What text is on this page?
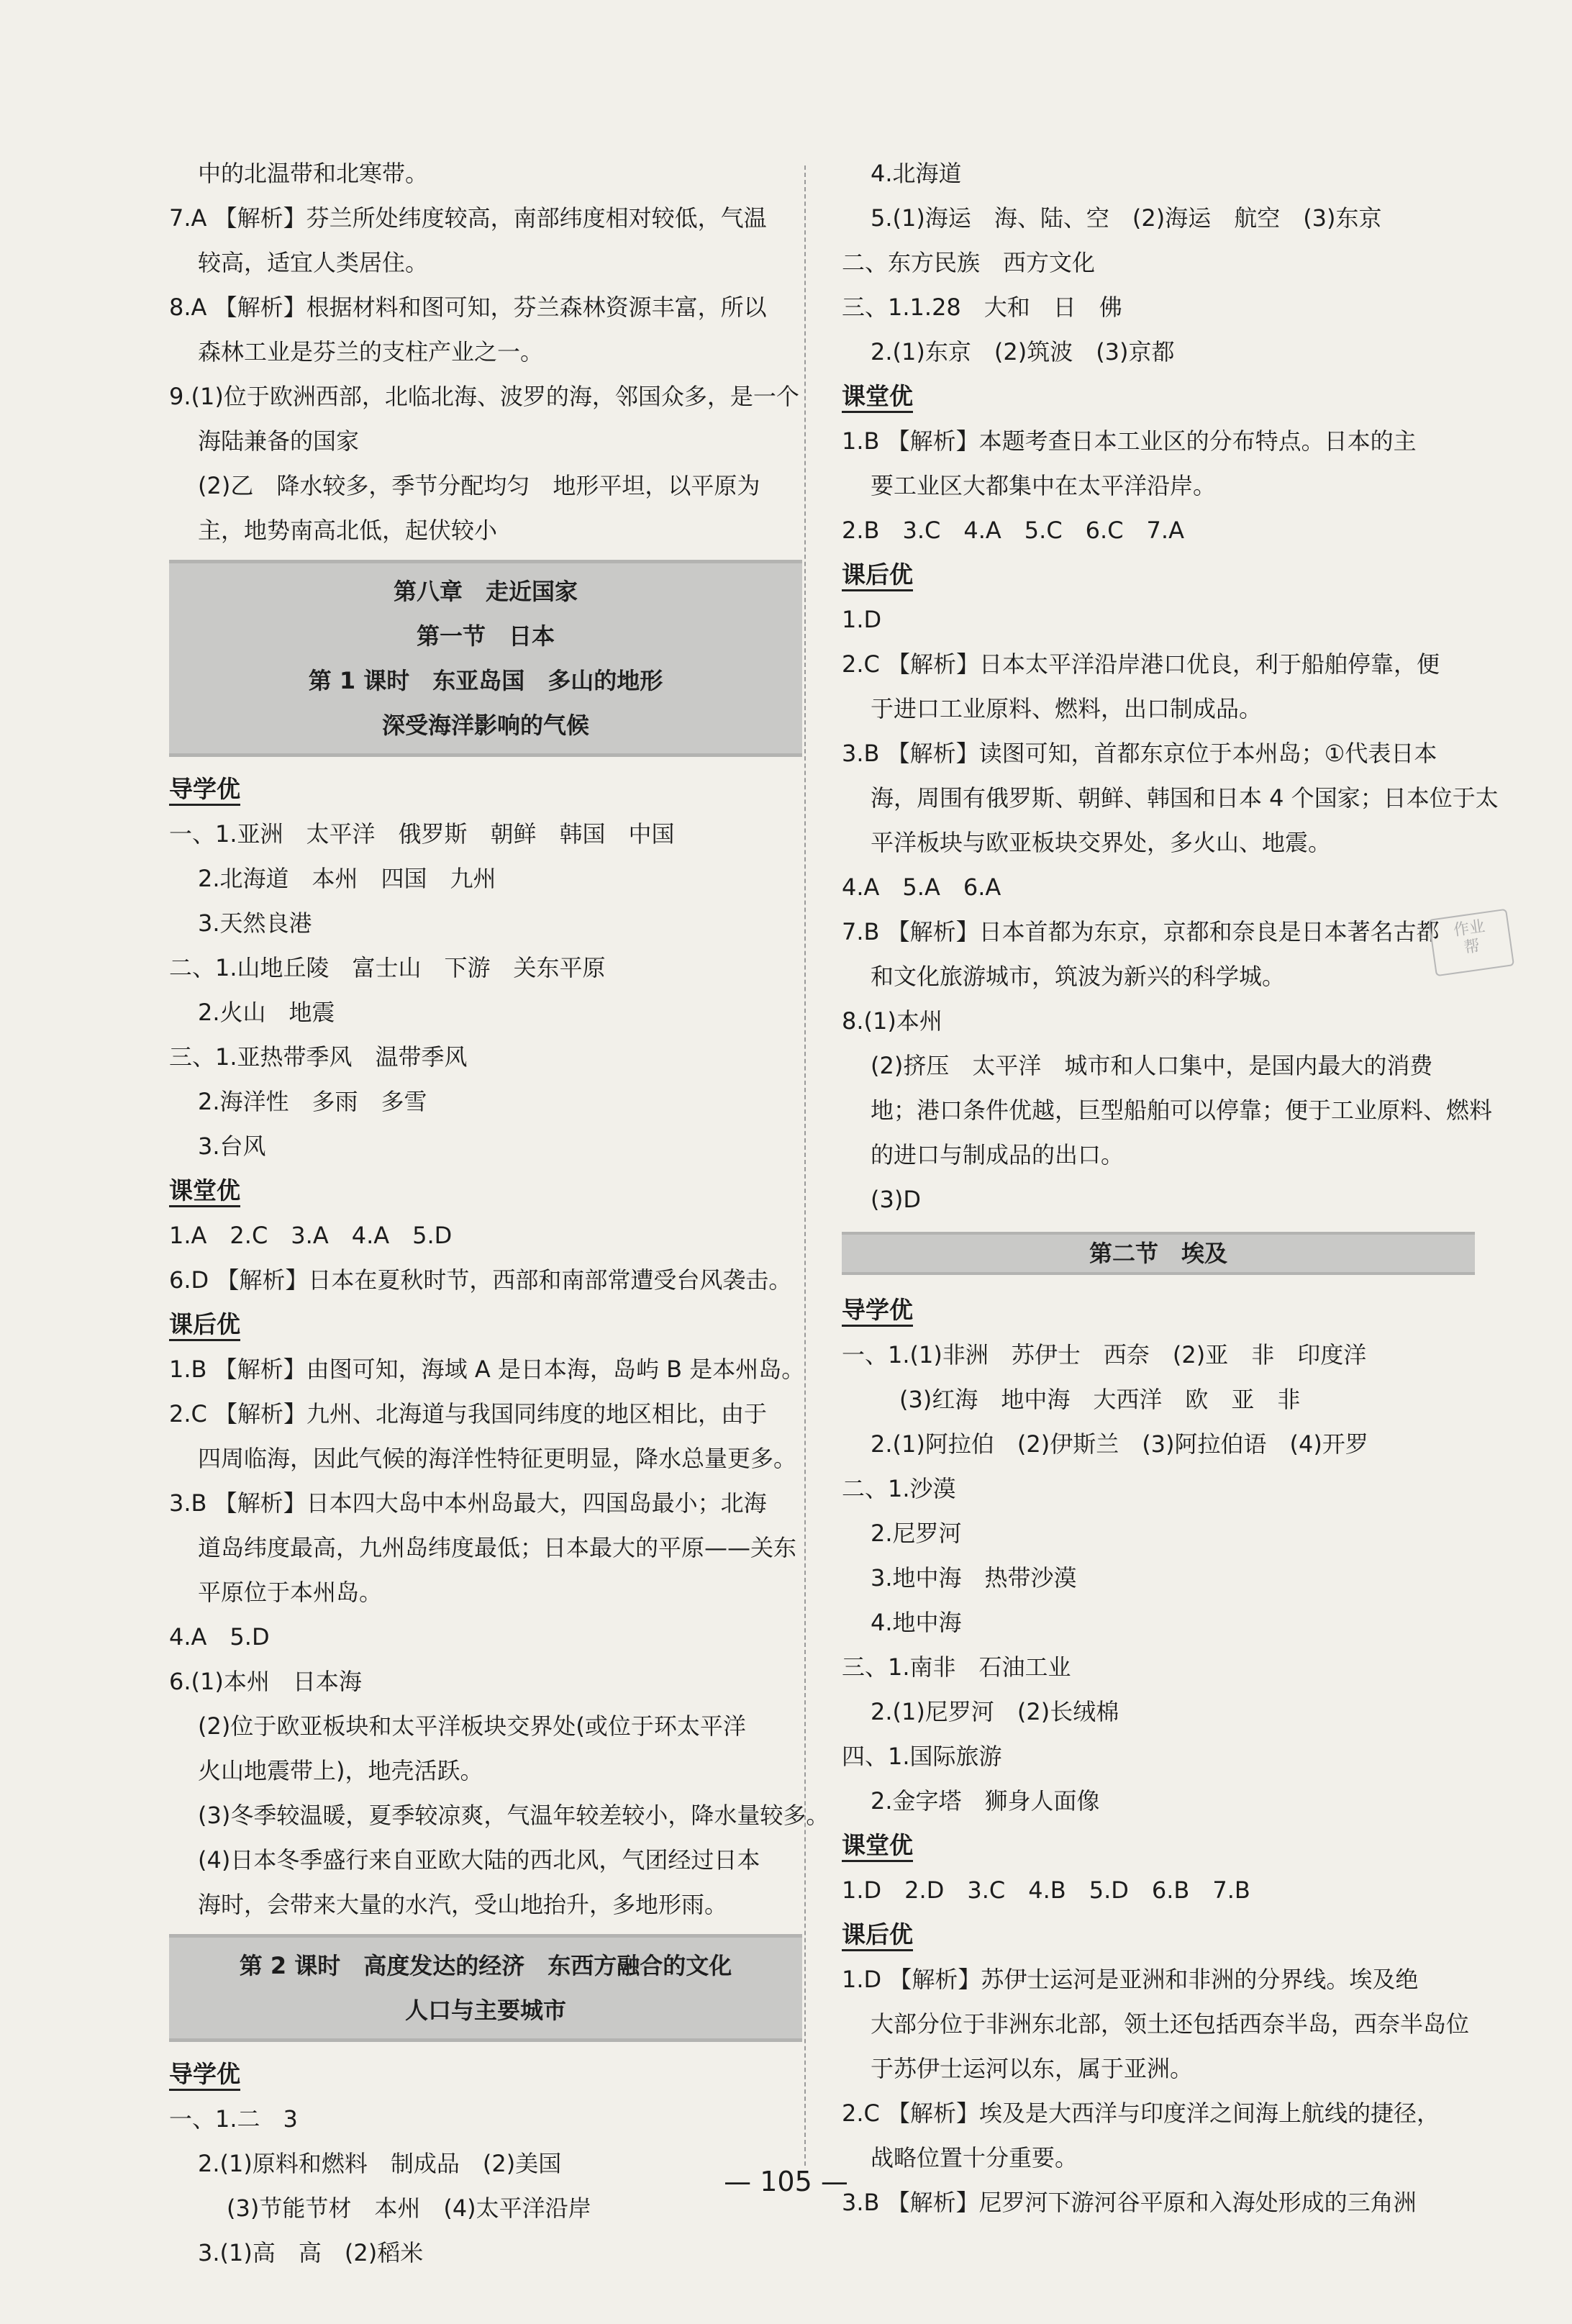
中的北温带和北寒带。
7.A 【解析】芬兰所处纬度较高，南部纬度相对较低，气温
较高，适宜人类居住。
8.A 【解析】根据材料和图可知，芬兰森林资源丰富，所以
森林工业是芬兰的支柱产业之一。
9.(1)位于欧洲西部，北临北海、波罗的海，邻国众多，是一个
海陆兼备的国家
(2)乙　降水较多，季节分配均匀　地形平坦，以平原为
主，地势南高北低，起伏较小
第八章　走近国家
第一节　日本
第 1 课时　东亚岛国　多山的地形
深受海洋影响的气候
导学优
一、1.亚洲　太平洋　俄罗斯　朝鲜　韩国　中国
2.北海道　本州　四国　九州
3.天然良港
二、1.山地丘陵　富士山　下游　关东平原
2.火山　地震
三、1.亚热带季风　温带季风
2.海洋性　多雨　多雪
3.台风
课堂优
1.A　2.C　3.A　4.A　5.D
6.D 【解析】日本在夏秋时节，西部和南部常遭受台风袭击。
课后优
1.B 【解析】由图可知，海域 A 是日本海，岛屿 B 是本州岛。
2.C 【解析】九州、北海道与我国同纬度的地区相比，由于
四周临海，因此气候的海洋性特征更明显，降水总量更多。
3.B 【解析】日本四大岛中本州岛最大，四国岛最小；北海
道岛纬度最高，九州岛纬度最低；日本最大的平原——关东
平原位于本州岛。
4.A　5.D
6.(1)本州　日本海
(2)位于欧亚板块和太平洋板块交界处(或位于环太平洋
火山地震带上)，地壳活跃。
(3)冬季较温暖，夏季较凉爽，气温年较差较小，降水量较多。
(4)日本冬季盛行来自亚欧大陆的西北风，气团经过日本
海时，会带来大量的水汽，受山地抬升，多地形雨。
第 2 课时　高度发达的经济　东西方融合的文化
人口与主要城市
导学优
一、1.二　3
2.(1)原料和燃料　制成品　(2)美国
(3)节能节材　本州　(4)太平洋沿岸
3.(1)高　高　(2)稻米
4.北海道
5.(1)海运　海、陆、空　(2)海运　航空　(3)东京
二、东方民族　西方文化
三、1.1.28　大和　日　佛
2.(1)东京　(2)筑波　(3)京都
课堂优
1.B 【解析】本题考查日本工业区的分布特点。日本的主
要工业区大都集中在太平洋沿岸。
2.B　3.C　4.A　5.C　6.C　7.A
课后优
1.D
2.C 【解析】日本太平洋沿岸港口优良，利于船舶停靠，便
于进口工业原料、燃料，出口制成品。
3.B 【解析】读图可知，首都东京位于本州岛；①代表日本
海，周围有俄罗斯、朝鲜、韩国和日本 4 个国家；日本位于太
平洋板块与欧亚板块交界处，多火山、地震。
4.A　5.A　6.A
7.B 【解析】日本首都为东京，京都和奈良是日本著名古都
和文化旅游城市，筑波为新兴的科学城。
8.(1)本州
(2)挤压　太平洋　城市和人口集中，是国内最大的消费
地；港口条件优越，巨型船舶可以停靠；便于工业原料、燃料
的进口与制成品的出口。
(3)D
第二节　埃及
导学优
一、1.(1)非洲　苏伊士　西奈　(2)亚　非　印度洋
(3)红海　地中海　大西洋　欧　亚　非
2.(1)阿拉伯　(2)伊斯兰　(3)阿拉伯语　(4)开罗
二、1.沙漠
2.尼罗河
3.地中海　热带沙漠
4.地中海
三、1.南非　石油工业
2.(1)尼罗河　(2)长绒棉
四、1.国际旅游
2.金字塔　狮身人面像
课堂优
1.D　2.D　3.C　4.B　5.D　6.B　7.B
课后优
1.D 【解析】苏伊士运河是亚洲和非洲的分界线。埃及绝
大部分位于非洲东北部，领土还包括西奈半岛，西奈半岛位
于苏伊士运河以东，属于亚洲。
2.C 【解析】埃及是大西洋与印度洋之间海上航线的捷径，
战略位置十分重要。
3.B 【解析】尼罗河下游河谷平原和入海处形成的三角洲
— 105 —
作业
帮
